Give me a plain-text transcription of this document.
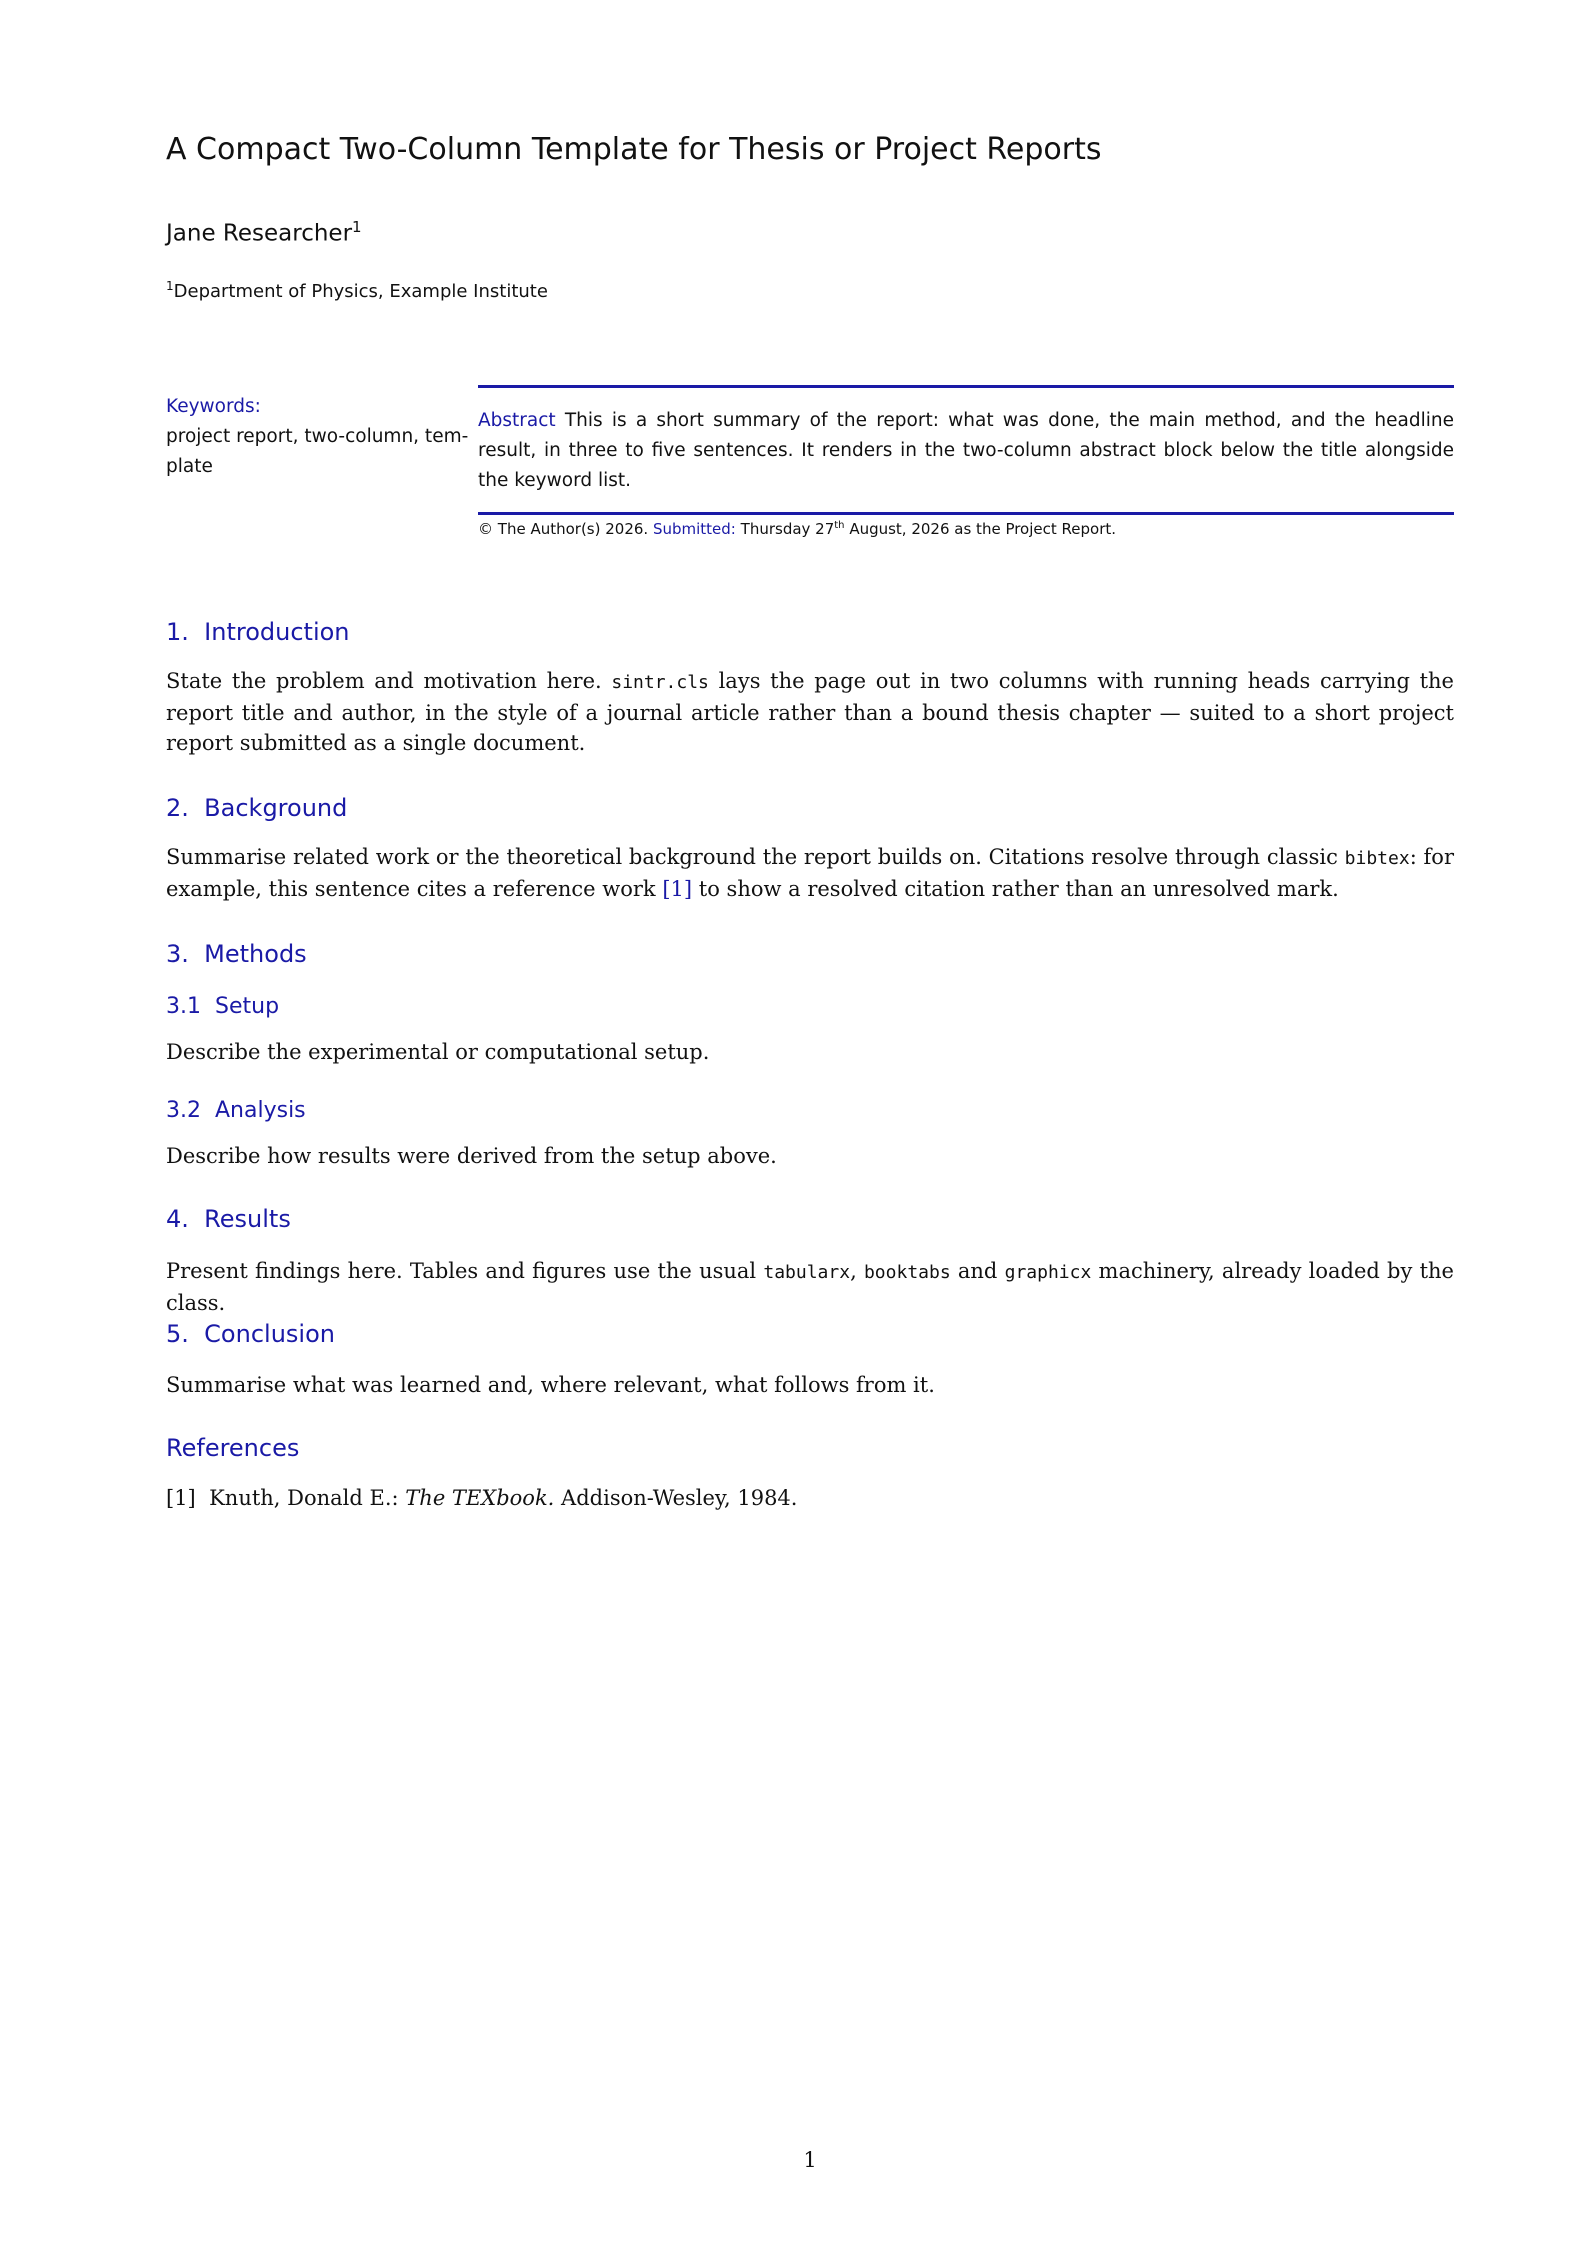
A Compact Two-Column Template for Thesis or Project Reports
Jane Researcher$^1$
$^1$Department of Physics, Example Institute
Keywords:
project report, two-column, tem-plate
Abstract This is a short summary of the report: what was done, the main method, and the headline result, in three to five sentences. It renders in the two-column abstract block below the title alongside the keyword list.
© The Author(s) 2026. Submitted: Thursday 27th August, 2026 as the Project Report.
1. Introduction

State the problem and motivation here. sintr.cls lays the page out in two columns with running heads carrying the report title and author, in the style of a journal article rather than a bound thesis chapter — suited to a short project report submitted as a single document.

2. Background

Summarise related work or the theoretical background the report builds on. Citations resolve through classic bibtex: for example, this sentence cites a reference work [1] to show a resolved citation rather than an unresolved mark.

3. Methods
3.1 Setup

Describe the experimental or computational setup.

3.2 Analysis

Describe how results were derived from the setup above.

4. Results

Present findings here. Tables and figures use the usual tabularx, booktabs and graphicx machinery, already loaded by the class.

5. Conclusion

Summarise what was learned and, where relevant, what follows from it.

References

[1] Knuth, Donald E.: The TEXbook. Addison-Wesley, 1984.

1
